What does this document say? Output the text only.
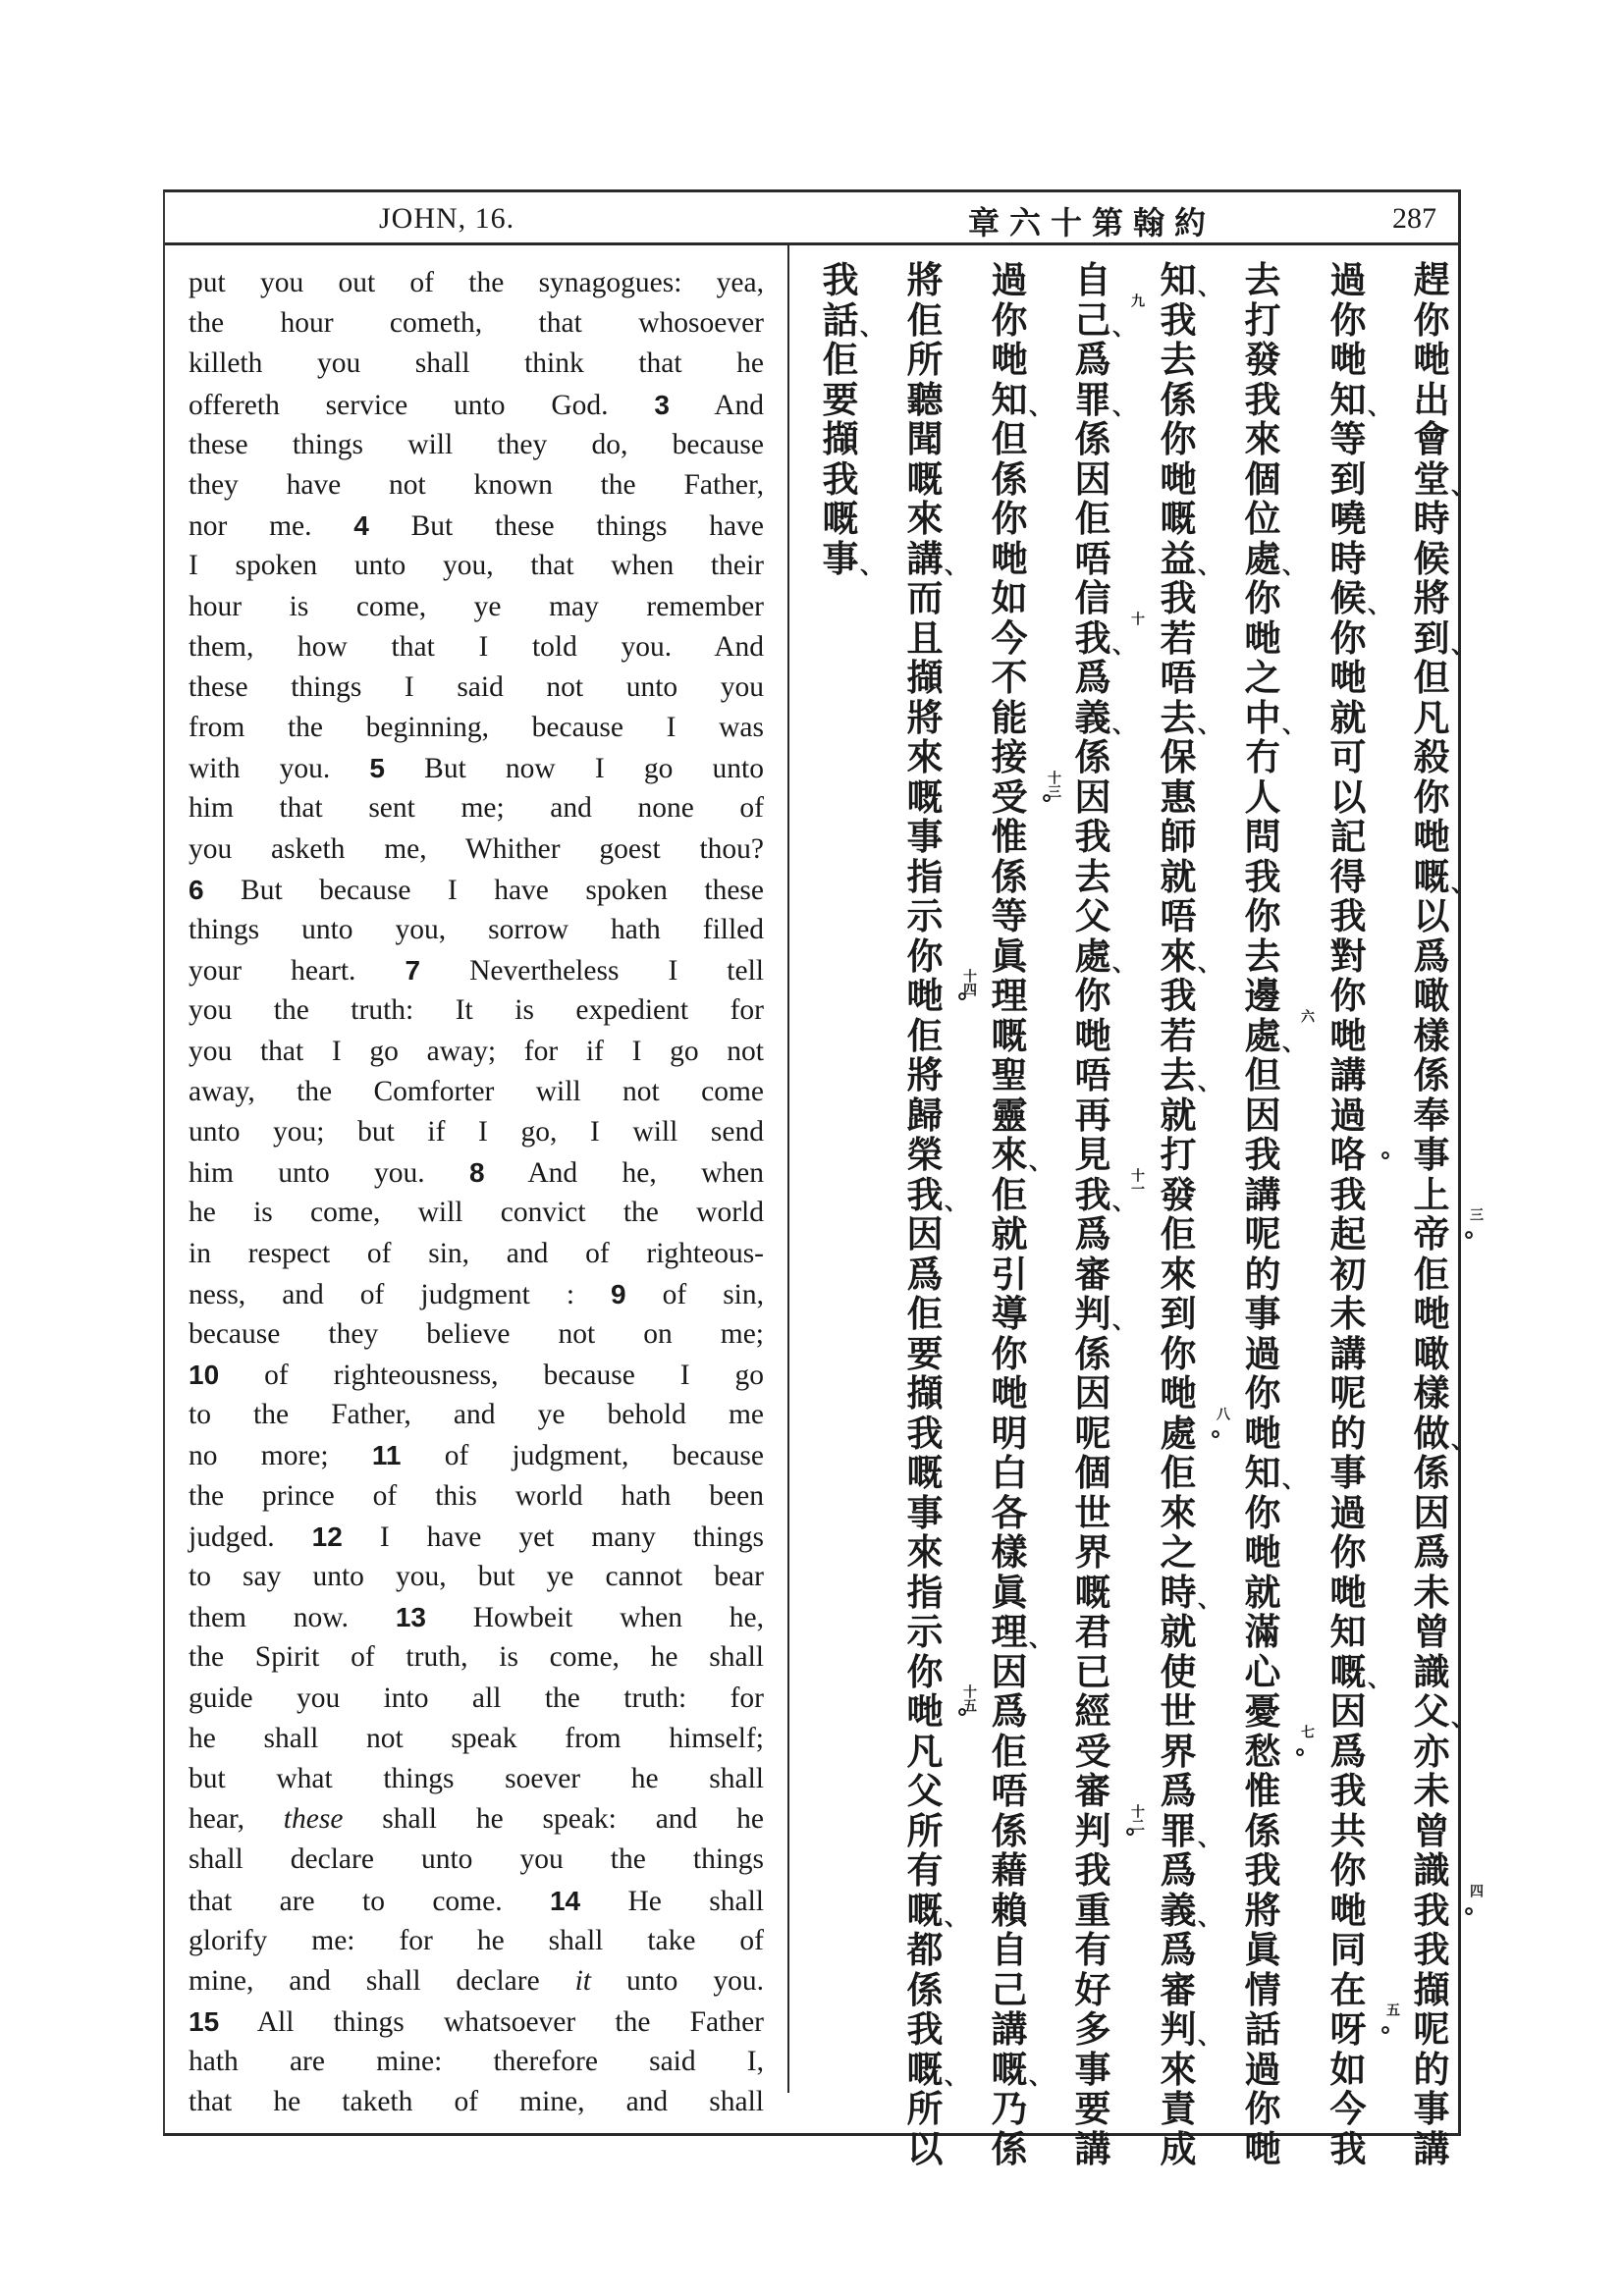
JOHN, 16.	章六十第翰約	287
put you out of the synagogues: yea,
the hour cometh, that whosoever
killeth you shall think that he
offereth service unto God. 3 And
these things will they do, because
they have not known the Father,
nor me. 4 But these things have
I spoken unto you, that when their
hour is come, ye may remember
them, how that I told you. And
these things I said not unto you
from the beginning, because I was
with you. 5 But now I go unto
him that sent me; and none of
you asketh me, Whither goest thou?
6 But because I have spoken these
things unto you, sorrow hath filled
your heart. 7 Nevertheless I tell
you the truth: It is expedient for
you that I go away; for if I go not
away, the Comforter will not come
unto you; but if I go, I will send
him unto you. 8 And he, when
he is come, will convict the world
in respect of sin, and of righteous-
ness, and of judgment : 9 of sin,
because they believe not on me;
10 of righteousness, because I go
to the Father, and ye behold me
no more; 11 of judgment, because
the prince of this world hath been
judged. 12 I have yet many things
to say unto you, but ye cannot bear
them now. 13 Howbeit when he,
the Spirit of truth, is come, he shall
guide you into all the truth: for
he shall not speak from himself;
but what things soever he shall
hear, these shall he speak: and he
shall declare unto you the things
that are to come. 14 He shall
glorify me: for he shall take of
mine, and shall declare it unto you.
15 All things whatsoever the Father
hath are mine: therefore said I,
that he taketh of mine, and shall
趕
你
哋
出
會
堂 、
時
候
將
到 、
但
凡
殺
你
哋
嘅 、
以
爲
噉
樣
係
奉
事
上
帝 °
三
佢
哋
噉
樣
做 、
係
因
爲
未
曾
識
父 、
亦
未
曾
識
我 °
四
我
擷
呢
的
事
講
過
你
哋
知 、
等
到
嘵
時
候 、
你
哋
就
可
以
記
得
我
對
你
哋
講
過
咯 °
我
起
初
未
講
呢
的
事
過
你
哋
知
嘅 、
因
爲
我
共
你
哋
同
在
呀 °
五
如
今
我
去
打
發
我
來
個
位
處 、
你
哋
之
中 、
冇
人
問
我
你
去
邊
處 、
六
但
因
我
講
呢
的
事
過
你
哋
知 、
你
哋
就
滿
心
憂
愁 °
七
惟
係
我
將
眞
情
話
過
你
哋
知 、
我
去
係
你
哋
嘅
益 、
我
若
唔
去 、
保
惠
師
就
唔
來 、
我
若
去 、
就
打
發
佢
來
到
你
哋
處 °
八
佢
來
之
時 、
就
使
世
界
爲
罪 、
爲
義 、
爲
審
判 、
來
責
成
自
己 、
九
爲
罪 、
係
因
佢
唔
信
我 、
十
爲
義 、
係
因
我
去
父
處 、
你
哋
唔
再
見
我 、
十一
爲
審
判 、
係
因
呢
個
世
界
嘅
君
已
經
受
審
判 °
十二
我
重
有
好
多
事
要
講
過
你
哋
知 、
但
係
你
哋
如
今
不
能
接
受 °
十三
惟
係
等
眞
理
嘅
聖
靈
來 、
佢
就
引
導
你
哋
明
白
各
樣
眞
理 、
因
爲
佢
唔
係
藉
賴
自
己
講
嘅 、
乃
係
將
佢
所
聽
聞
嘅
來
講 、
而
且
擷
將
來
嘅
事
指
示
你
哋 °
十四
佢
將
歸
榮
我 、
因
爲
佢
要
擷
我
嘅
事
來
指
示
你
哋 °
十五
凡
父
所
有
嘅 、
都
係
我
嘅 、
所
以
我
話 、
佢
要
擷
我
嘅
事 、
